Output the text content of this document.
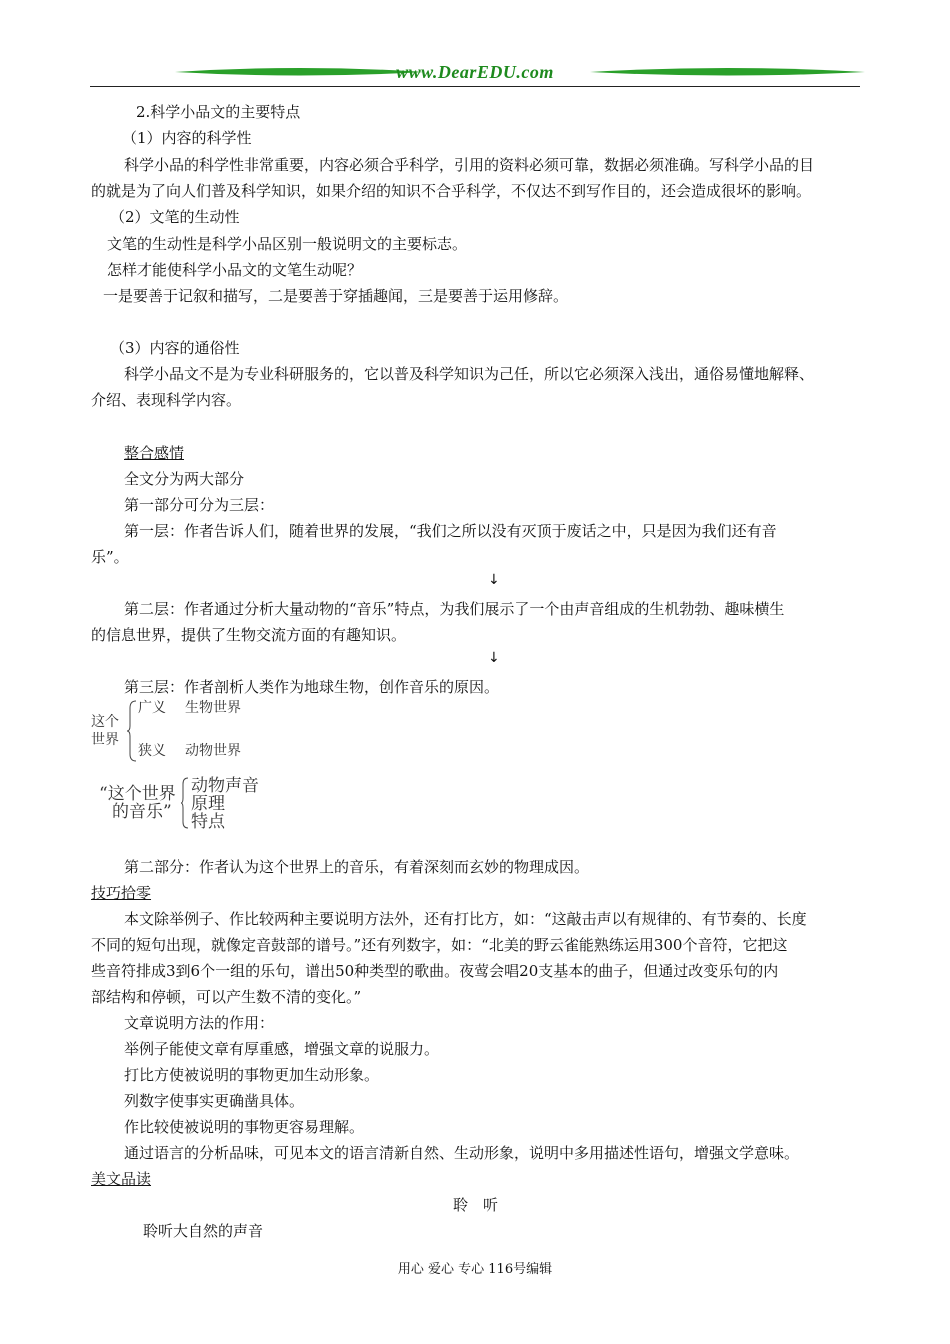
www.DearEDU.com
2.科学小品文的主要特点
（1）内容的科学性
科学小品的科学性非常重要，内容必须合乎科学，引用的资料必须可靠，数据必须准确。写科学小品的目
的就是为了向人们普及科学知识，如果介绍的知识不合乎科学，不仅达不到写作目的，还会造成很坏的影响。
（2）文笔的生动性
文笔的生动性是科学小品区别一般说明文的主要标志。
怎样才能使科学小品文的文笔生动呢？
一是要善于记叙和描写，二是要善于穿插趣闻，三是要善于运用修辞。
（3）内容的通俗性
科学小品文不是为专业科研服务的，它以普及科学知识为己任，所以它必须深入浅出，通俗易懂地解释、
介绍、表现科学内容。
整合感情
全文分为两大部分
第一部分可分为三层：
第一层：作者告诉人们，随着世界的发展，“我们之所以没有灭顶于废话之中，只是因为我们还有音
乐”。
↓
第二层：作者通过分析大量动物的“音乐”特点，为我们展示了一个由声音组成的生机勃勃、趣味横生
的信息世界，提供了生物交流方面的有趣知识。
↓
第三层：作者剖析人类作为地球生物，创作音乐的原因。
这个
世界
广义 生物世界
狭义 动物世界
“这个世界
的音乐”
动物声音
原理
特点
第二部分：作者认为这个世界上的音乐，有着深刻而玄妙的物理成因。
技巧拾零
本文除举例子、作比较两种主要说明方法外，还有打比方，如：“这敲击声以有规律的、有节奏的、长度
不同的短句出现，就像定音鼓部的谱号。”还有列数字，如：“北美的野云雀能熟练运用300个音符，它把这
些音符排成3到6个一组的乐句，谱出50种类型的歌曲。夜莺会唱20支基本的曲子，但通过改变乐句的内
部结构和停顿，可以产生数不清的变化。”
文章说明方法的作用：
举例子能使文章有厚重感，增强文章的说服力。
打比方使被说明的事物更加生动形象。
列数字使事实更确凿具体。
作比较使被说明的事物更容易理解。
通过语言的分析品味，可见本文的语言清新自然、生动形象，说明中多用描述性语句，增强文学意味。
美文品读
聆　听
聆听大自然的声音
用心 爱心 专心 116号编辑
